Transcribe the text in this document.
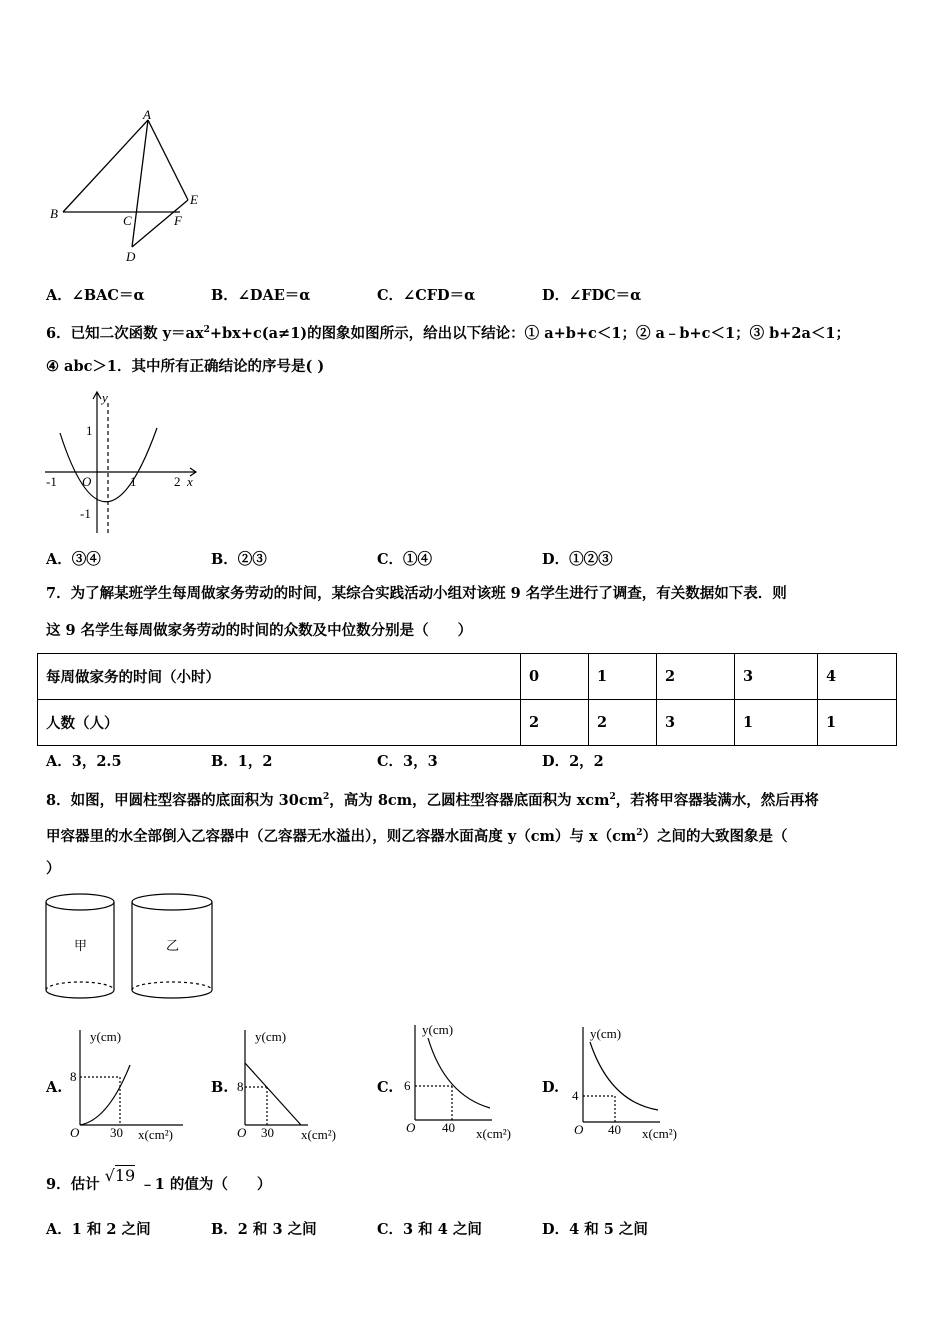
A
B	C
D
E
F
A．∠BAC＝α	B．∠DAE＝α	C．∠CFD＝α	D．∠FDC＝α
6．已知二次函数 $y=ax^2+bx+c(a\ne 1)$的图象如图所示，给出以下结论：① a+b+c＜1；② a﹣b+c＜1；③ b+2a＜1；
④ abc＞1．其中所有正确结论的序号是( )
y
x
O
1
-1
-1	1	2
A．③④	B．②③	C．①④	D．①②③
7．为了解某班学生每周做家务劳动的时间，某综合实践活动小组对该班 9 名学生进行了调查，有关数据如下表．则
这 9 名学生每周做家务劳动的时间的众数及中位数分别是（　　）
每周做家务的时间（小时）	0	1	2	3	4
人数（人）	2	2	3	1	1
A．3，2.5	B．1，2	C．3，3	D．2，2
8．如图，甲圆柱型容器的底面积为 $30cm^2$，高为 8cm，乙圆柱型容器底面积为 xcm$^2$，若将甲容器装满水，然后再将
甲容器里的水全部倒入乙容器中（乙容器无水溢出），则乙容器水面高度 y（cm）与 $x(cm^2)$之间的大致图象是（
）
甲	乙
A.
y(cm)
8
O 30 x(cm²)
B.
y(cm)
8
O 30 x(cm²)
C.
y(cm)
6
O 40 x(cm²)
D.
y(cm)
4
O 40 x(cm²)
9．估计 √19 ﹣1 的值为（　　）
A．1 和 2 之间	B．2 和 3 之间	C．3 和 4 之间	D．4 和 5 之间
